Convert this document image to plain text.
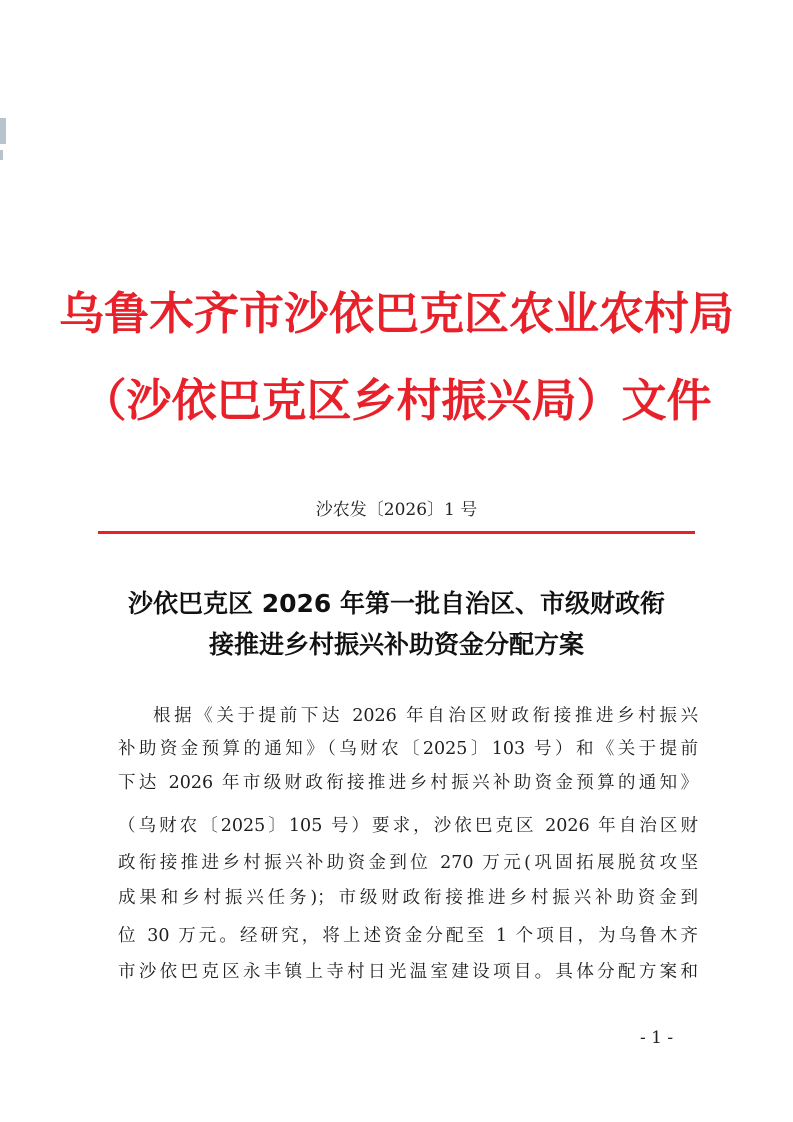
乌鲁木齐市沙依巴克区农业农村局
（沙依巴克区乡村振兴局）文件
沙农发〔2026〕1 号
沙依巴克区 2026 年第一批自治区、市级财政衔
接推进乡村振兴补助资金分配方案
根据《关于提前下达 2026 年自治区财政衔接推进乡村振兴
补助资金预算的通知》（乌财农〔2025〕103 号）和《关于提前
下达 2026 年市级财政衔接推进乡村振兴补助资金预算的通知》
（乌财农〔2025〕105 号）要求，沙依巴克区 2026 年自治区财
政衔接推进乡村振兴补助资金到位 270 万元(巩固拓展脱贫攻坚
成果和乡村振兴任务)；市级财政衔接推进乡村振兴补助资金到
位 30 万元。经研究，将上述资金分配至 1 个项目，为乌鲁木齐
市沙依巴克区永丰镇上寺村日光温室建设项目。具体分配方案和
- 1 -
